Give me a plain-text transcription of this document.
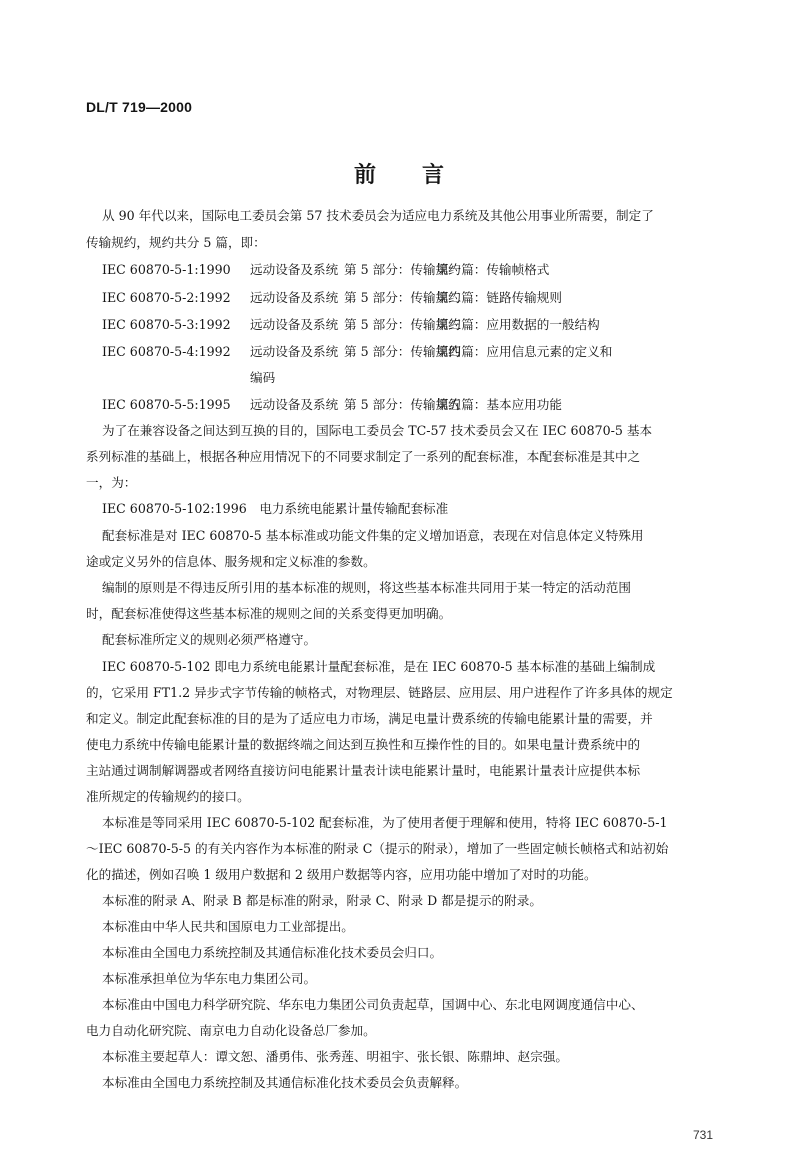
DL/T 719—2000
前 言
从 90 年代以来，国际电工委员会第 57 技术委员会为适应电力系统及其他公用事业所需要，制定了
传输规约，规约共分 5 篇，即：
IEC 60870-5-1:1990 远动设备及系统 第 5 部分：传输规约第一篇：传输帧格式
IEC 60870-5-2:1992 远动设备及系统 第 5 部分：传输规约第二篇：链路传输规则
IEC 60870-5-3:1992 远动设备及系统 第 5 部分：传输规约第三篇：应用数据的一般结构
IEC 60870-5-4:1992 远动设备及系统 第 5 部分：传输规约第四篇：应用信息元素的定义和
编码
IEC 60870-5-5:1995 远动设备及系统 第 5 部分：传输规约第五篇：基本应用功能
为了在兼容设备之间达到互换的目的，国际电工委员会 TC-57 技术委员会又在 IEC 60870-5 基本
系列标准的基础上，根据各种应用情况下的不同要求制定了一系列的配套标准，本配套标准是其中之
一，为：
IEC 60870-5-102:1996　电力系统电能累计量传输配套标准
配套标准是对 IEC 60870-5 基本标准或功能文件集的定义增加语意，表现在对信息体定义特殊用
途或定义另外的信息体、服务规和定义标准的参数。
编制的原则是不得违反所引用的基本标准的规则，将这些基本标准共同用于某一特定的活动范围
时，配套标准使得这些基本标准的规则之间的关系变得更加明确。
配套标准所定义的规则必须严格遵守。
IEC 60870-5-102 即电力系统电能累计量配套标准，是在 IEC 60870-5 基本标准的基础上编制成
的，它采用 FT1.2 异步式字节传输的帧格式，对物理层、链路层、应用层、用户进程作了许多具体的规定
和定义。制定此配套标准的目的是为了适应电力市场，满足电量计费系统的传输电能累计量的需要，并
使电力系统中传输电能累计量的数据终端之间达到互换性和互操作性的目的。如果电量计费系统中的
主站通过调制解调器或者网络直接访问电能累计量表计读电能累计量时，电能累计量表计应提供本标
准所规定的传输规约的接口。
本标准是等同采用 IEC 60870-5-102 配套标准，为了使用者便于理解和使用，特将 IEC 60870-5-1
～IEC 60870-5-5 的有关内容作为本标准的附录 C（提示的附录），增加了一些固定帧长帧格式和站初始
化的描述，例如召唤 1 级用户数据和 2 级用户数据等内容，应用功能中增加了对时的功能。
本标准的附录 A、附录 B 都是标准的附录，附录 C、附录 D 都是提示的附录。
本标准由中华人民共和国原电力工业部提出。
本标准由全国电力系统控制及其通信标准化技术委员会归口。
本标准承担单位为华东电力集团公司。
本标准由中国电力科学研究院、华东电力集团公司负责起草，国调中心、东北电网调度通信中心、
电力自动化研究院、南京电力自动化设备总厂参加。
本标准主要起草人：谭文恕、潘勇伟、张秀莲、明祖宇、张长银、陈鼎坤、赵宗强。
本标准由全国电力系统控制及其通信标准化技术委员会负责解释。
731
